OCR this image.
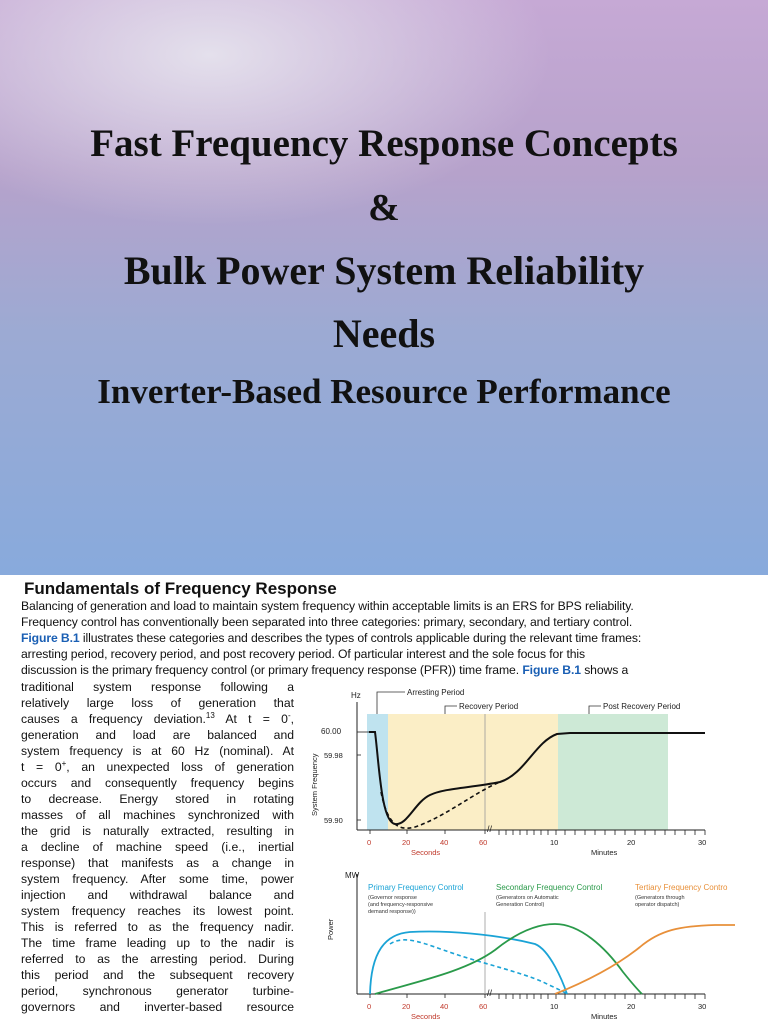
Fast Frequency Response Concepts
&
Bulk Power System Reliability
Needs
Inverter-Based Resource Performance
Fundamentals of Frequency Response
Balancing of generation and load to maintain system frequency within acceptable limits is an ERS for BPS reliability.
Frequency control has conventionally been separated into three categories: primary, secondary, and tertiary control.
Figure B.1 illustrates these categories and describes the types of controls applicable during the relevant time frames:
arresting period, recovery period, and post recovery period. Of particular interest and the sole focus for this
discussion is the primary frequency control (or primary frequency response (PFR)) time frame. Figure B.1 shows a
traditional system response following a
relatively large loss of generation that
causes a frequency deviation.$^{13}$ At t = 0-,
generation and load are balanced and
system frequency is at 60 Hz (nominal). At
t = 0+, an unexpected loss of generation
occurs and consequently frequency begins
to decrease. Energy stored in rotating
masses of all machines synchronized with
the grid is naturally extracted, resulting in
a decline of machine speed (i.e., inertial
response) that manifests as a change in
system frequency. After some time, power
injection and withdrawal balance and
system frequency reaches its lowest point.
This is referred to as the frequency nadir.
The time frame leading up to the nadir is
referred to as the arresting period. During
this period and the subsequent recovery
period, synchronous generator turbine-
governors and inverter-based resource
Arresting Period
Recovery Period	Post Recovery Period
Hz
60.00
59.98
59.90
System Frequency
//
0	20	40	60	10	20	30
Seconds	Minutes
MW
Power
Primary Frequency Control
(Governor response
(and frequency-responsive
demand response))
Secondary Frequency Control
(Generators on Automatic
Generation Control)
Tertiary Frequency Contro
(Generators through
operator dispatch)
//
0	20	40	60	10	20	30
Seconds	Minutes
